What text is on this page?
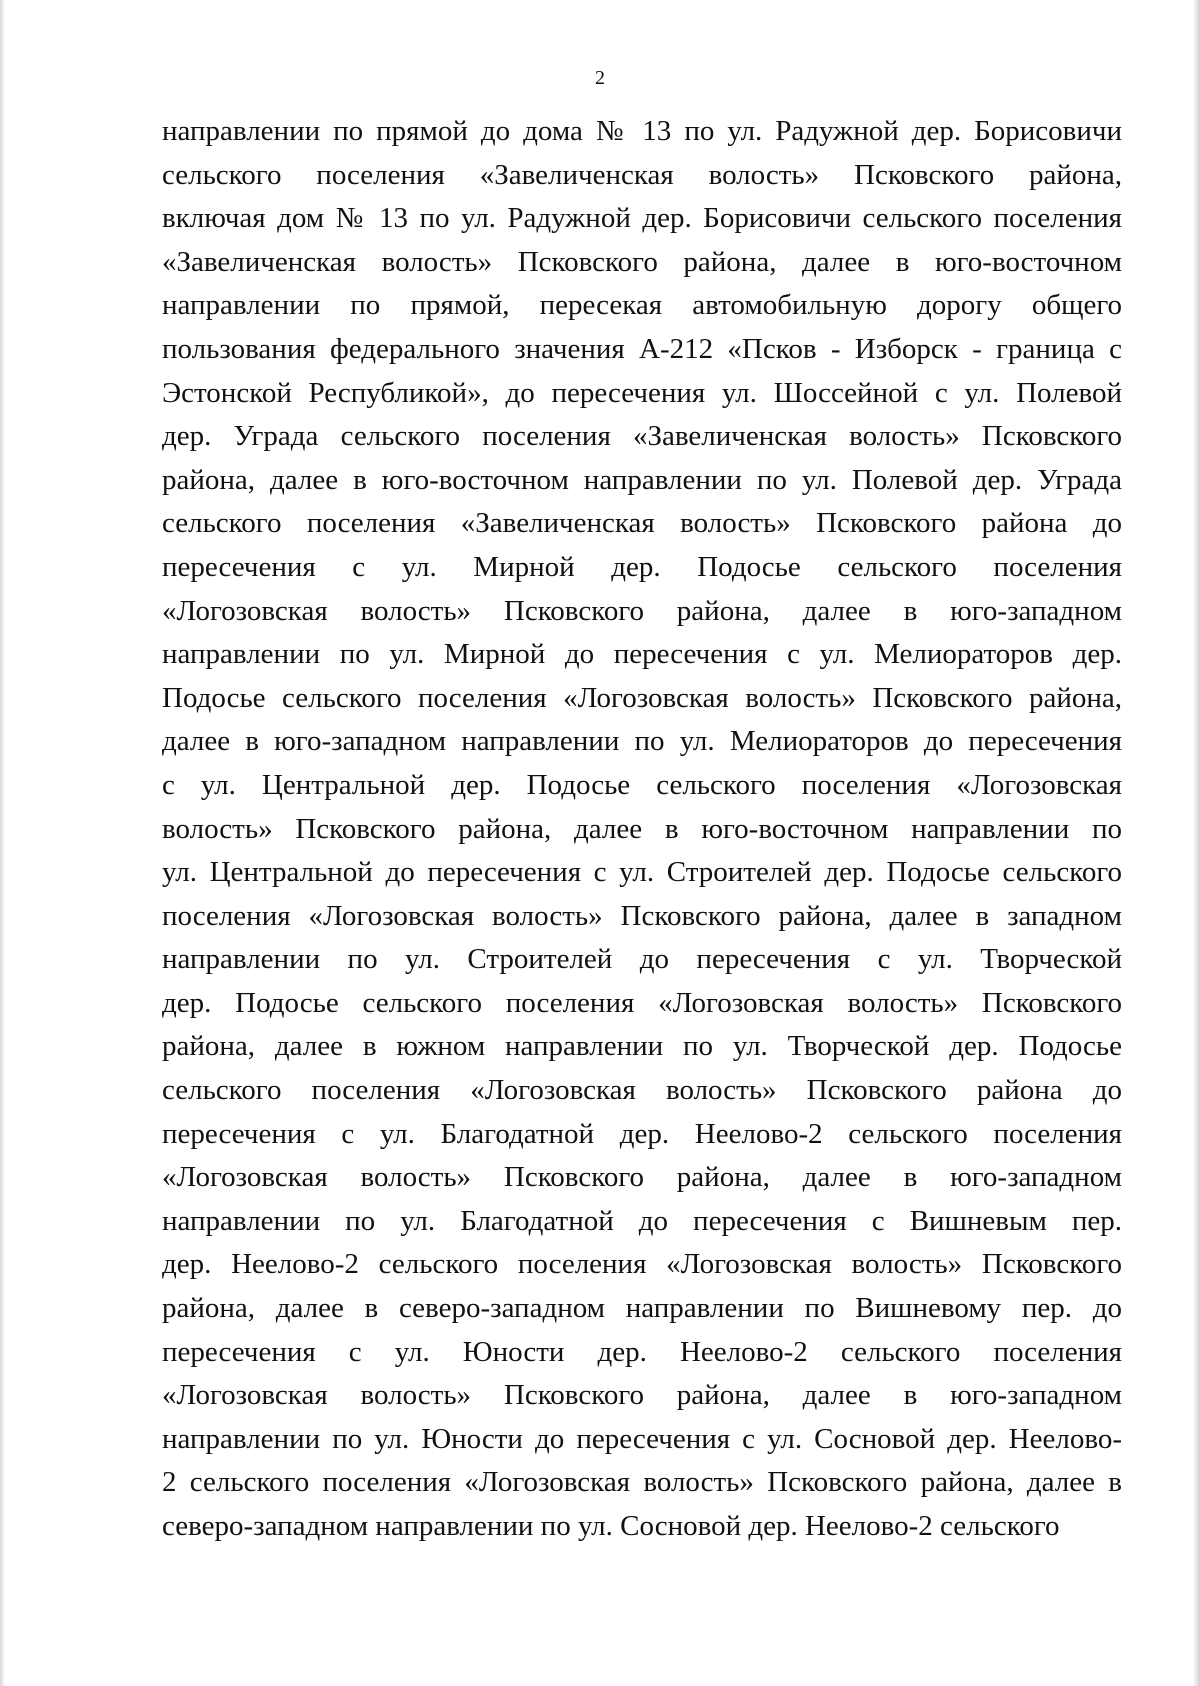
2
направлении по прямой до дома № 13 по ул. Радужной дер. Борисовичи
сельского поселения «Завеличенская волость» Псковского района,
включая дом № 13 по ул. Радужной дер. Борисовичи сельского поселения
«Завеличенская волость» Псковского района, далее в юго-восточном
направлении по прямой, пересекая автомобильную дорогу общего
пользования федерального значения А-212 «Псков - Изборск - граница с
Эстонской Республикой», до пересечения ул. Шоссейной с ул. Полевой
дер. Уграда сельского поселения «Завеличенская волость» Псковского
района, далее в юго-восточном направлении по ул. Полевой дер. Уграда
сельского поселения «Завеличенская волость» Псковского района до
пересечения с ул. Мирной дер. Подосье сельского поселения
«Логозовская волость» Псковского района, далее в юго-западном
направлении по ул. Мирной до пересечения с ул. Мелиораторов дер.
Подосье сельского поселения «Логозовская волость» Псковского района,
далее в юго-западном направлении по ул. Мелиораторов до пересечения
с ул. Центральной дер. Подосье сельского поселения «Логозовская
волость» Псковского района, далее в юго-восточном направлении по
ул. Центральной до пересечения с ул. Строителей дер. Подосье сельского
поселения «Логозовская волость» Псковского района, далее в западном
направлении по ул. Строителей до пересечения с ул. Творческой
дер. Подосье сельского поселения «Логозовская волость» Псковского
района, далее в южном направлении по ул. Творческой дер. Подосье
сельского поселения «Логозовская волость» Псковского района до
пересечения с ул. Благодатной дер. Неелово-2 сельского поселения
«Логозовская волость» Псковского района, далее в юго-западном
направлении по ул. Благодатной до пересечения с Вишневым пер.
дер. Неелово-2 сельского поселения «Логозовская волость» Псковского
района, далее в северо-западном направлении по Вишневому пер. до
пересечения с ул. Юности дер. Неелово-2 сельского поселения
«Логозовская волость» Псковского района, далее в юго-западном
направлении по ул. Юности до пересечения с ул. Сосновой дер. Неелово-
2 сельского поселения «Логозовская волость» Псковского района, далее в
северо-западном направлении по ул. Сосновой дер. Неелово-2 сельского
